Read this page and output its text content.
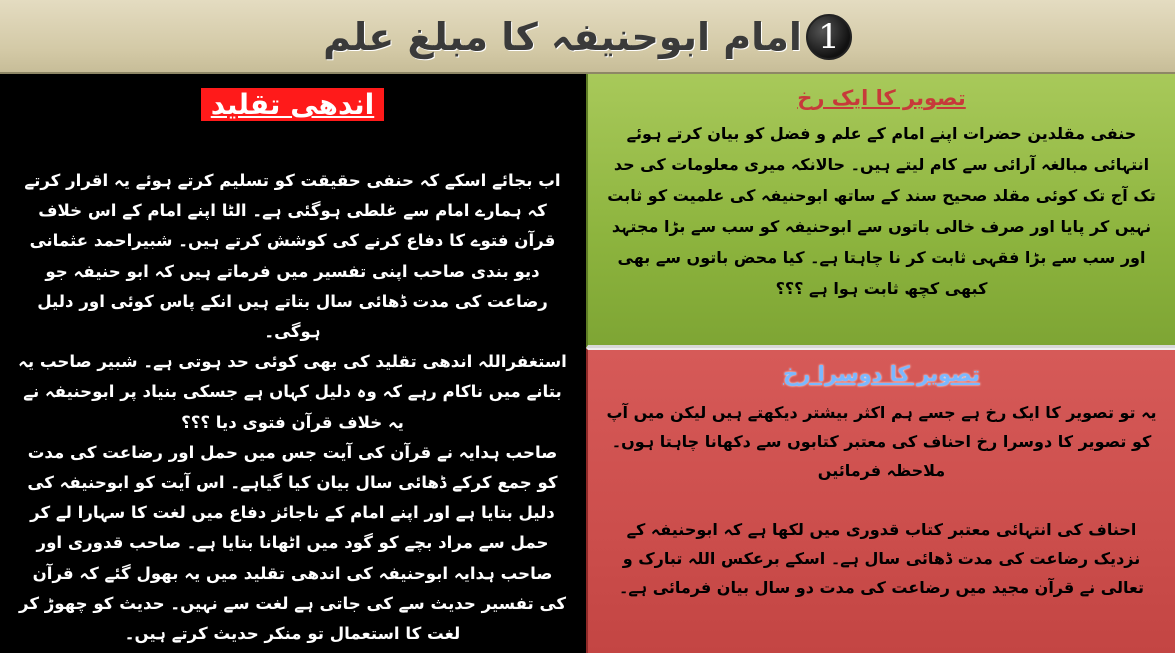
1
امام ابوحنیفہ کا مبلغ علم
اندھی تقلید

اب بجائے اسکے کہ حنفی حقیقت کو تسلیم کرتے ہوئے یہ اقرار کرتے کہ ہمارے امام سے غلطی ہوگئی ہے۔ الٹا اپنے امام کے اس خلاف قرآن فتوے کا دفاع کرنے کی کوشش کرتے ہیں۔ شبیراحمد عثمانی دیو بندی صاحب اپنی تفسیر میں فرماتے ہیں کہ ابو حنیفہ جو رضاعت کی مدت ڈھائی سال بتاتے ہیں انکے پاس کوئی اور دلیل ہوگی۔

استغفراللہ اندھی تقلید کی بھی کوئی حد ہوتی ہے۔ شبیر صاحب یہ بتانے میں ناکام رہے کہ وہ دلیل کہاں ہے جسکی بنیاد پر ابوحنیفہ نے یہ خلاف قرآن فتوی دیا ؟؟؟

صاحب ہدایہ نے قرآن کی آیت جس میں حمل اور رضاعت کی مدت کو جمع کرکے ڈھائی سال بیان کیا گیاہے۔ اس آیت کو ابوحنیفہ کی دلیل بتایا ہے اور اپنے امام کے ناجائز دفاع میں لغت کا سہارا لے کر حمل سے مراد بچے کو گود میں اٹھانا بتایا ہے۔ صاحب قدوری اور صاحب ہدایہ ابوحنیفہ کی اندھی تقلید میں یہ بھول گئے کہ قرآن کی تفسیر حدیث سے کی جاتی ہے لغت سے نہیں۔ حدیث کو چھوڑ کر لغت کا استعمال تو منکر حدیث کرتے ہیں۔

تصویر کا ایک رخ
حنفی مقلدین حضرات اپنے امام کے علم و فضل کو بیان کرتے ہوئے انتہائی مبالغہ آرائی سے کام لیتے ہیں۔ حالانکہ میری معلومات کی حد تک آج تک کوئی مقلد صحیح سند کے ساتھ ابوحنیفہ کی علمیت کو ثابت نہیں کر پایا اور صرف خالی باتوں سے ابوحنیفہ کو سب سے بڑا مجتہد اور سب سے بڑا فقہی ثابت کر نا چاہتا ہے۔ کیا محض باتوں سے بھی کبھی کچھ ثابت ہوا ہے ؟؟؟
تصویر کا دوسرا رخ

یہ تو تصویر کا ایک رخ ہے جسے ہم اکثر بیشتر دیکھتے ہیں لیکن میں آپ کو تصویر کا دوسرا رخ احناف کی معتبر کتابوں سے دکھانا چاہتا ہوں۔ ملاحظہ فرمائیں

احناف کی انتہائی معتبر کتاب قدوری میں لکھا ہے کہ ابوحنیفہ کے نزدیک رضاعت کی مدت ڈھائی سال ہے۔ اسکے برعکس اللہ تبارک و تعالی نے قرآن مجید میں رضاعت کی مدت دو سال بیان فرمائی ہے۔
